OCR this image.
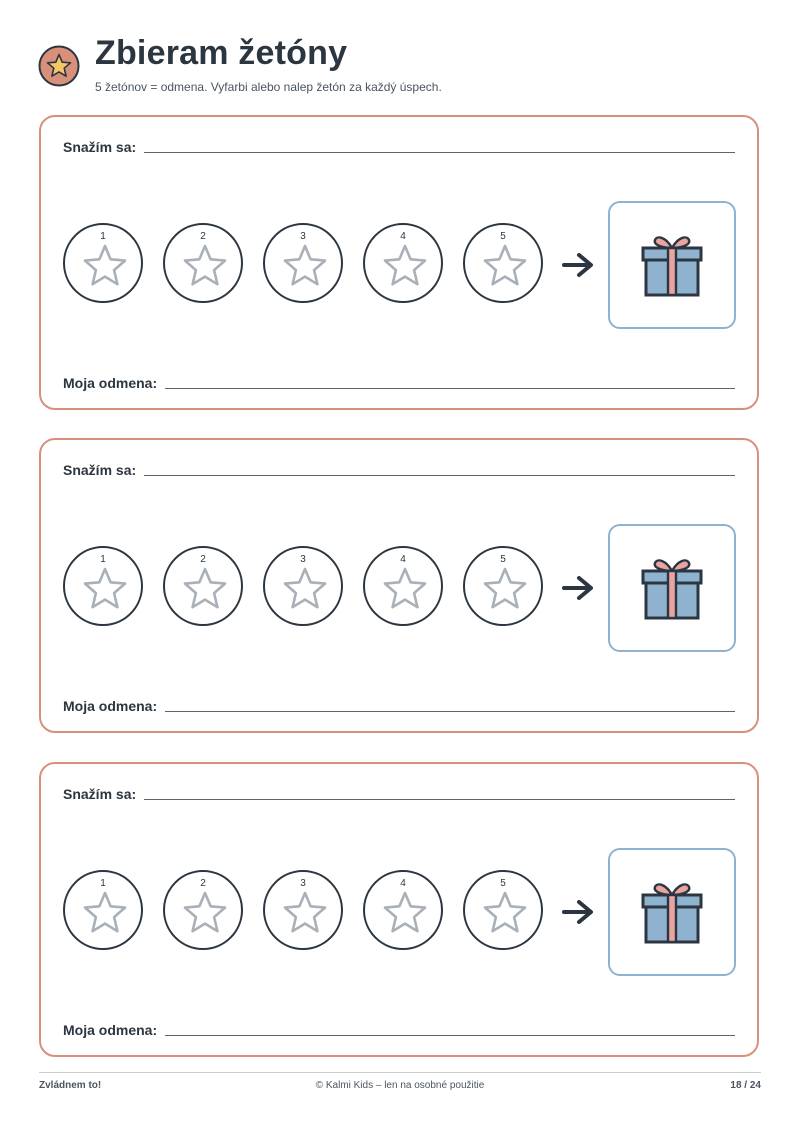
Zbieram žetóny
5 žetónov = odmena. Vyfarbi alebo nalep žetón za každý úspech.
Snažím sa:
1	2	3	4	5
Moja odmena:
Snažím sa:
1	2	3	4	5
Moja odmena:
Snažím sa:
1	2	3	4	5
Moja odmena:
Zvládnem to!	© Kalmi Kids – len na osobné použitie	18 / 24
